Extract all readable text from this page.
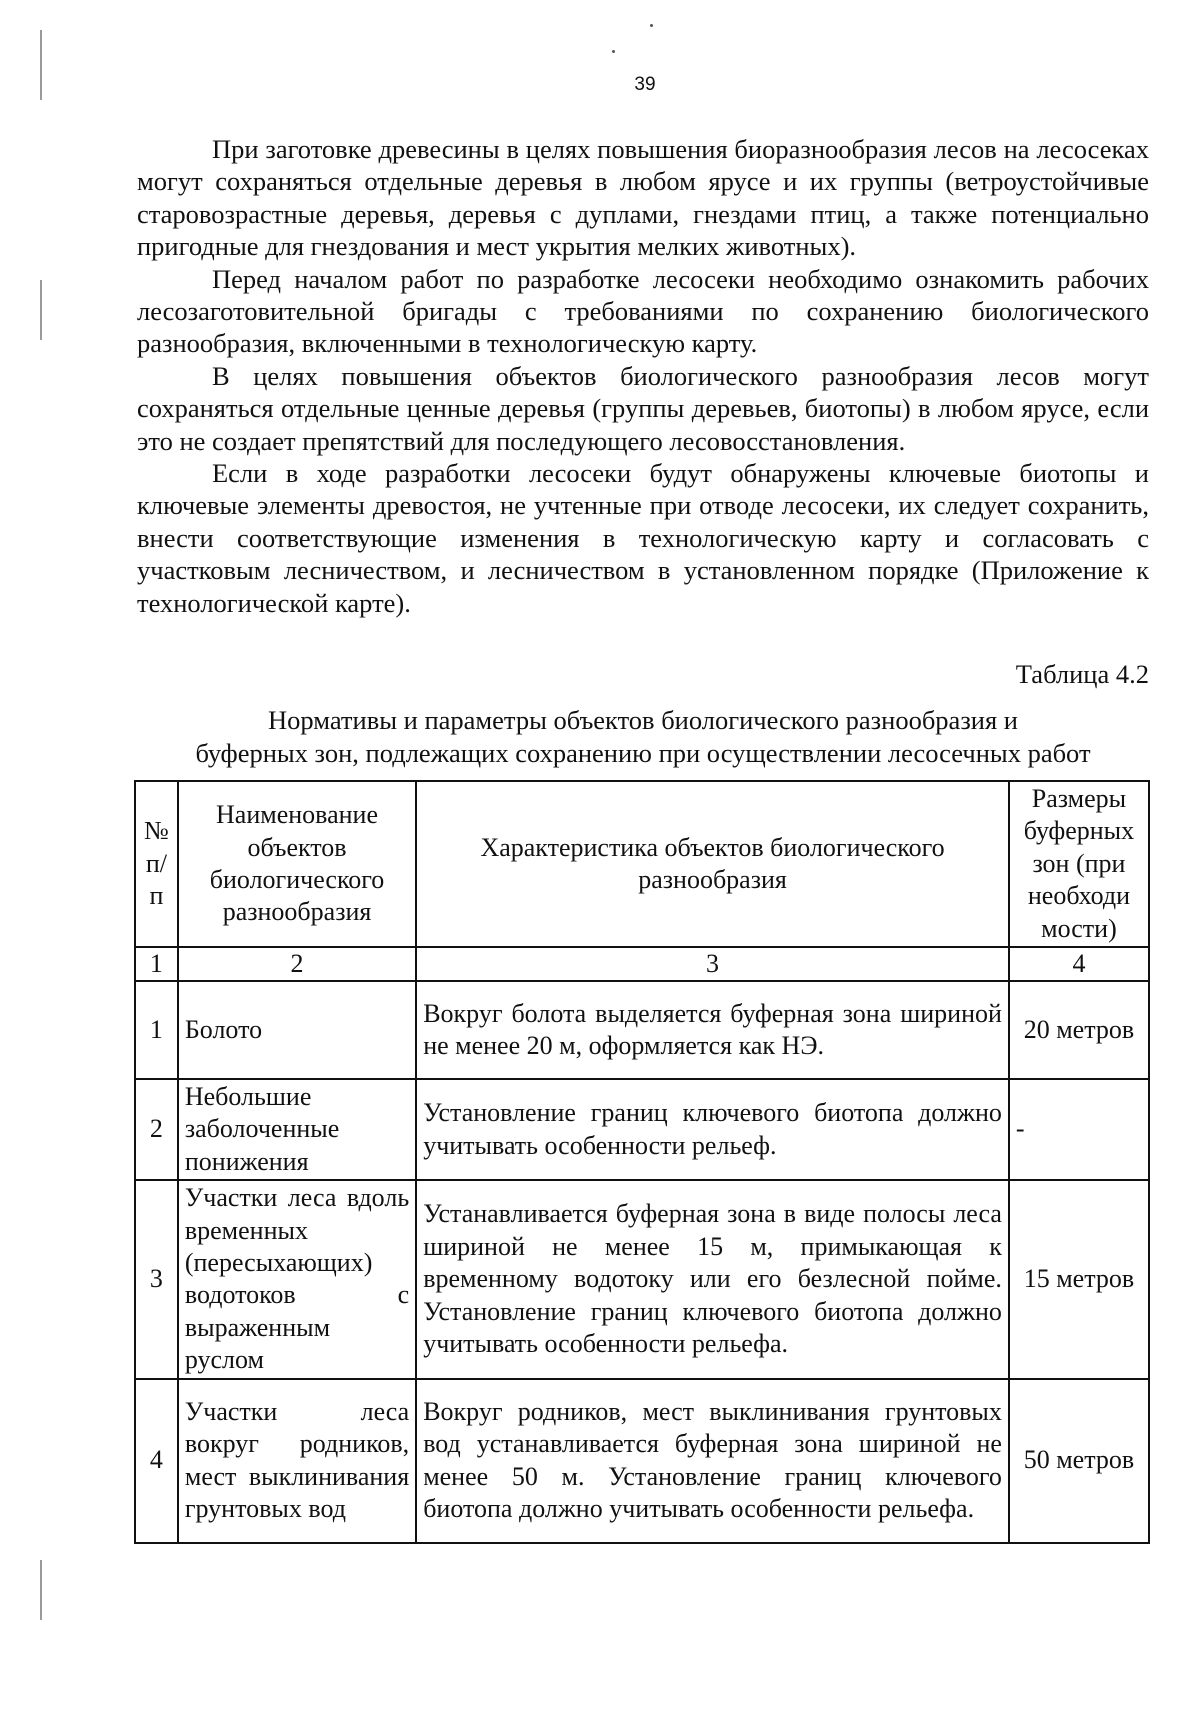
39

При заготовке древесины в целях повышения биоразнообразия лесов на лесосеках могут сохраняться отдельные деревья в любом ярусе и их группы (ветроустойчивые старовозрастные деревья, деревья с дуплами, гнездами птиц, а также потенциально пригодные для гнездования и мест укрытия мелких животных).

Перед началом работ по разработке лесосеки необходимо ознакомить рабочих лесозаготовительной бригады с требованиями по сохранению биологического разнообразия, включенными в технологическую карту.

В целях повышения объектов биологического разнообразия лесов могут сохраняться отдельные ценные деревья (группы деревьев, биотопы) в любом ярусе, если это не создает препятствий для последующего лесовосстановления.

Если в ходе разработки лесосеки будут обнаружены ключевые биотопы и ключевые элементы древостоя, не учтенные при отводе лесосеки, их следует сохранить, внести соответствующие изменения в технологическую карту и согласовать с участковым лесничеством, и лесничеством в установленном порядке (Приложение к технологической карте).

Таблица 4.2
Нормативы и параметры объектов биологического разнообразия и
буферных зон, подлежащих сохранению при осуществлении лесосечных работ
№ п/п	Наименование объектов биологического разнообразия	Характеристика объектов биологического разнообразия	Размеры буферных зон (при необходи мости)
1	2	3	4
1	Болото	Вокруг болота выделяется буферная зона шириной не менее 20 м, оформляется как НЭ.	20 метров
2	Небольшие заболоченные понижения	Установление границ ключевого биотопа должно учитывать особенности рельеф.	-
3	Участки леса вдоль временных (пересыхающих) водотоков с выраженным руслом	Устанавливается буферная зона в виде полосы леса шириной не менее 15 м, примыкающая к временному водотоку или его безлесной пойме. Установление границ ключевого биотопа должно учитывать особенности рельефа.	15 метров
4	Участки леса вокруг родников, мест выклинивания грунтовых вод	Вокруг родников, мест выклинивания грунтовых вод устанавливается буферная зона шириной не менее 50 м. Установление границ ключевого биотопа должно учитывать особенности рельефа.	50 метров
